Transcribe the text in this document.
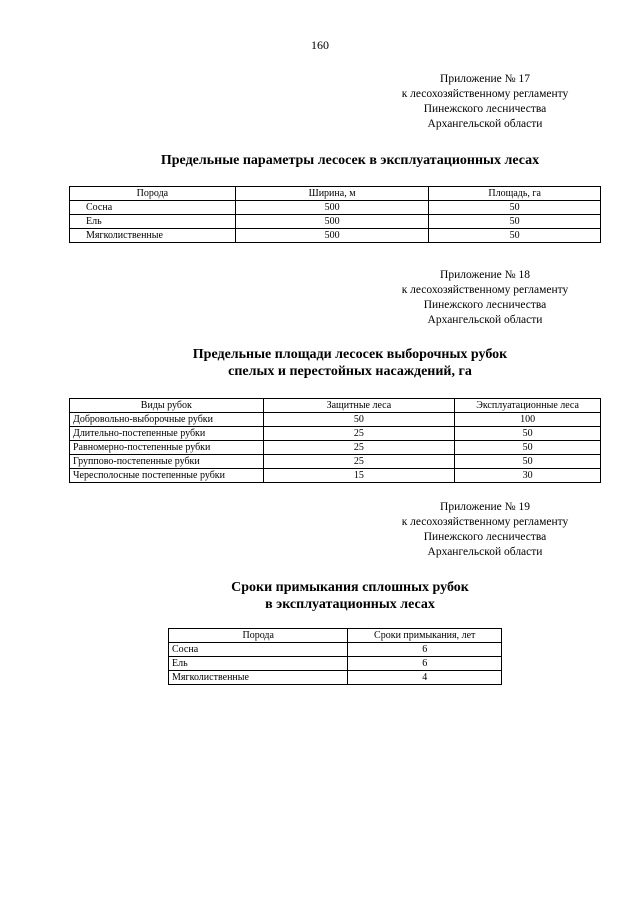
160
Приложение № 17
к лесохозяйственному регламенту
Пинежского лесничества
Архангельской области
Предельные параметры лесосек в эксплуатационных лесах
Порода	Ширина, м	Площадь, га
Сосна	500	50
Ель	500	50
Мягколиственные	500	50
Приложение № 18
к лесохозяйственному регламенту
Пинежского лесничества
Архангельской области
Предельные площади лесосек выборочных рубок
спелых и перестойных насаждений, га
Виды рубок	Защитные леса	Эксплуатационные леса
Добровольно-выборочные рубки	50	100
Длительно-постепенные рубки	25	50
Равномерно-постепенные рубки	25	50
Группово-постепенные рубки	25	50
Чересполосные постепенные рубки	15	30
Приложение № 19
к лесохозяйственному регламенту
Пинежского лесничества
Архангельской области
Сроки примыкания сплошных рубок
в эксплуатационных лесах
Порода	Сроки примыкания, лет
Сосна	6
Ель	6
Мягколиственные	4
